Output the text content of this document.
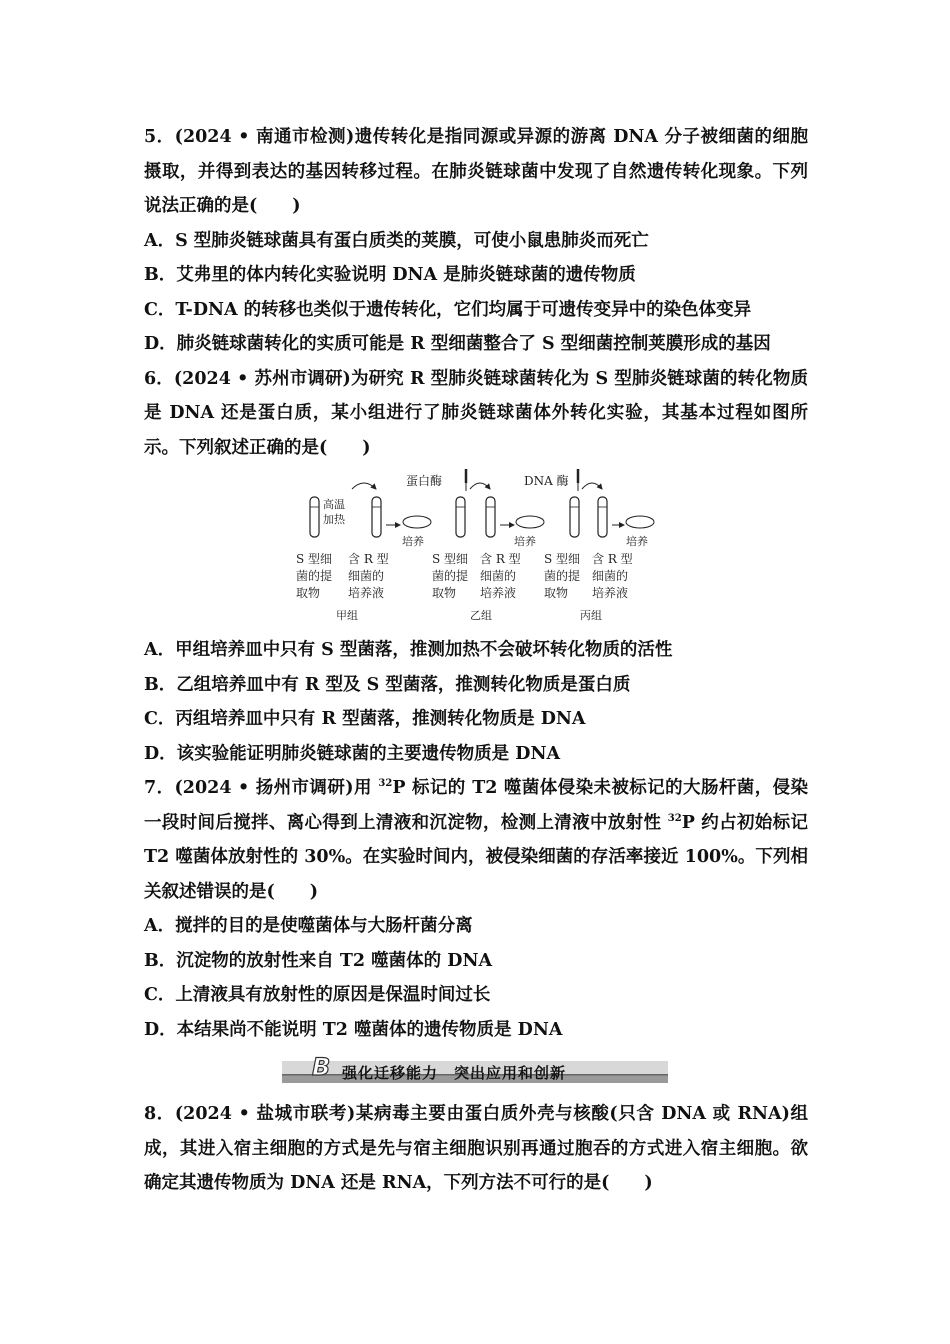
5．(2024 • 南通市检测)遗传转化是指同源或异源的游离 DNA 分子被细菌的细胞摄取，并得到表达的基因转移过程。在肺炎链球菌中发现了自然遗传转化现象。下列说法正确的是(　　)

A．S 型肺炎链球菌具有蛋白质类的荚膜，可使小鼠患肺炎而死亡

B．艾弗里的体内转化实验说明 DNA 是肺炎链球菌的遗传物质

C．T-DNA 的转移也类似于遗传转化，它们均属于可遗传变异中的染色体变异

D．肺炎链球菌转化的实质可能是 R 型细菌整合了 S 型细菌控制荚膜形成的基因

6．(2024 • 苏州市调研)为研究 R 型肺炎链球菌转化为 S 型肺炎链球菌的转化物质是 DNA 还是蛋白质，某小组进行了肺炎链球菌体外转化实验，其基本过程如图所示。下列叙述正确的是(　　)

高温
加热
培养
S 型细
菌的提
取物
含 R 型
细菌的
培养液
甲组
蛋白酶
培养
S 型细
菌的提
取物
含 R 型
细菌的
培养液
乙组
DNA 酶
培养
S 型细
菌的提
取物
含 R 型
细菌的
培养液
丙组

A．甲组培养皿中只有 S 型菌落，推测加热不会破坏转化物质的活性

B．乙组培养皿中有 R 型及 S 型菌落，推测转化物质是蛋白质

C．丙组培养皿中只有 R 型菌落，推测转化物质是 DNA

D．该实验能证明肺炎链球菌的主要遗传物质是 DNA

7．(2024 • 扬州市调研)用 $^{32}$P 标记的 T2 噬菌体侵染未被标记的大肠杆菌，侵染一段时间后搅拌、离心得到上清液和沉淀物，检测上清液中放射性 $^{32}$P 约占初始标记 T2 噬菌体放射性的 30%。在实验时间内，被侵染细菌的存活率接近 100%。下列相关叙述错误的是(　　)

A．搅拌的目的是使噬菌体与大肠杆菌分离

B．沉淀物的放射性来自 T2 噬菌体的 DNA

C．上清液具有放射性的原因是保温时间过长

D．本结果尚不能说明 T2 噬菌体的遗传物质是 DNA

B 强化迁移能力　突出应用和创新

8．(2024 • 盐城市联考)某病毒主要由蛋白质外壳与核酸(只含 DNA 或 RNA)组成，其进入宿主细胞的方式是先与宿主细胞识别再通过胞吞的方式进入宿主细胞。欲确定其遗传物质为 DNA 还是 RNA，下列方法不可行的是(　　)
